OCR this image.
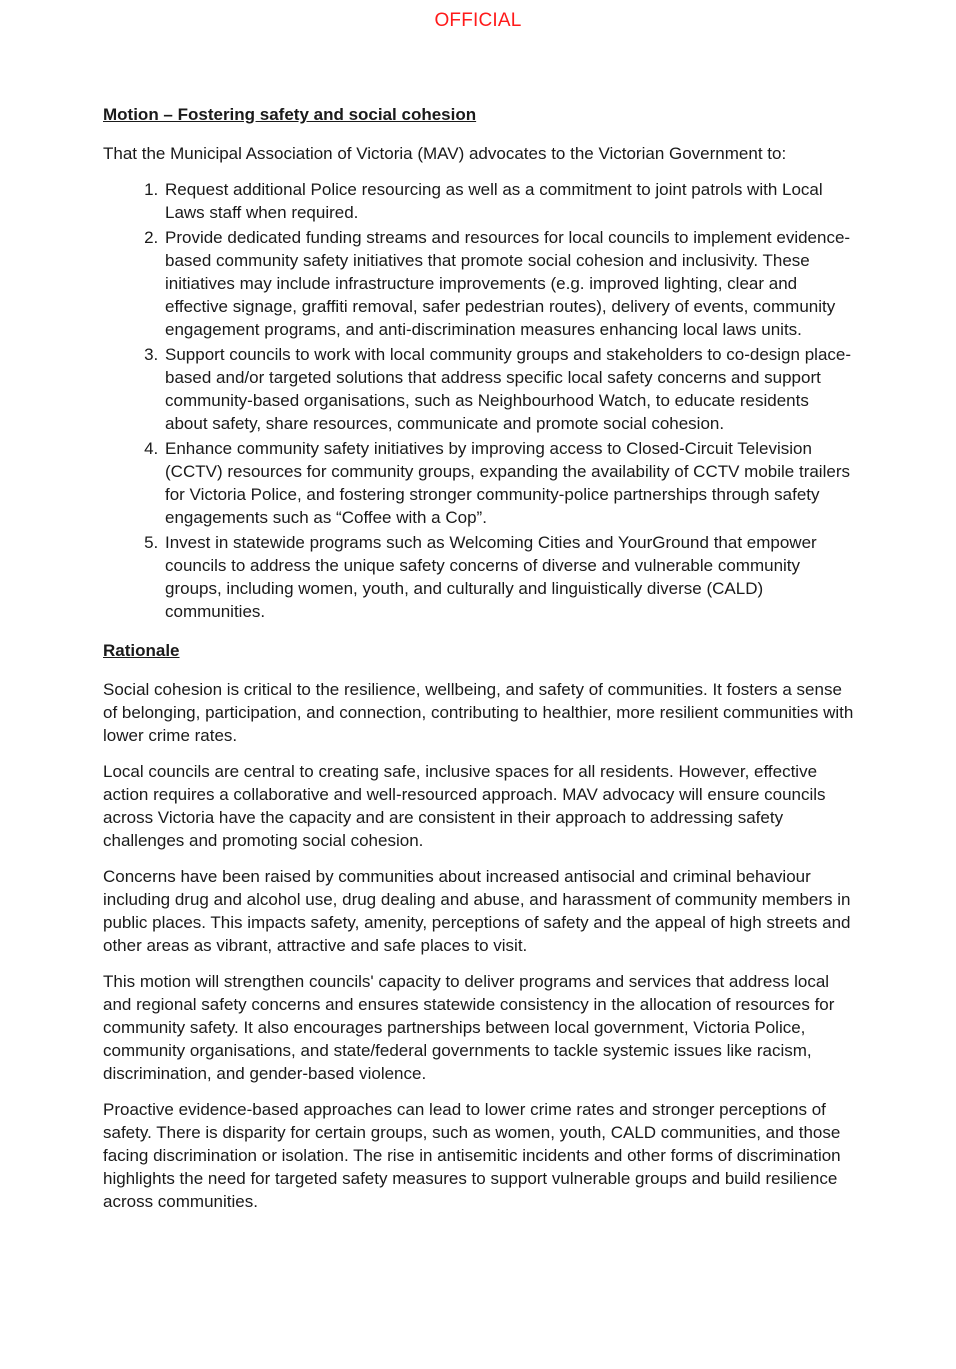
OFFICIAL
Motion – Fostering safety and social cohesion

That the Municipal Association of Victoria (MAV) advocates to the Victorian Government to:

1. Request additional Police resourcing as well as a commitment to joint patrols with Local Laws staff when required.
2. Provide dedicated funding streams and resources for local councils to implement evidence-based community safety initiatives that promote social cohesion and inclusivity. These initiatives may include infrastructure improvements (e.g. improved lighting, clear and effective signage, graffiti removal, safer pedestrian routes), delivery of events, community engagement programs, and anti-discrimination measures enhancing local laws units.
3. Support councils to work with local community groups and stakeholders to co-design place-based and/or targeted solutions that address specific local safety concerns and support community-based organisations, such as Neighbourhood Watch, to educate residents about safety, share resources, communicate and promote social cohesion.
4. Enhance community safety initiatives by improving access to Closed-Circuit Television (CCTV) resources for community groups, expanding the availability of CCTV mobile trailers for Victoria Police, and fostering stronger community-police partnerships through safety engagements such as “Coffee with a Cop”.
5. Invest in statewide programs such as Welcoming Cities and YourGround that empower councils to address the unique safety concerns of diverse and vulnerable community groups, including women, youth, and culturally and linguistically diverse (CALD) communities.
Rationale

Social cohesion is critical to the resilience, wellbeing, and safety of communities. It fosters a sense of belonging, participation, and connection, contributing to healthier, more resilient communities with lower crime rates.

Local councils are central to creating safe, inclusive spaces for all residents. However, effective action requires a collaborative and well-resourced approach. MAV advocacy will ensure councils across Victoria have the capacity and are consistent in their approach to addressing safety challenges and promoting social cohesion.

Concerns have been raised by communities about increased antisocial and criminal behaviour including drug and alcohol use, drug dealing and abuse, and harassment of community members in public places. This impacts safety, amenity, perceptions of safety and the appeal of high streets and other areas as vibrant, attractive and safe places to visit.

This motion will strengthen councils' capacity to deliver programs and services that address local and regional safety concerns and ensures statewide consistency in the allocation of resources for community safety. It also encourages partnerships between local government, Victoria Police, community organisations, and state/federal governments to tackle systemic issues like racism, discrimination, and gender-based violence.

Proactive evidence-based approaches can lead to lower crime rates and stronger perceptions of safety. There is disparity for certain groups, such as women, youth, CALD communities, and those facing discrimination or isolation. The rise in antisemitic incidents and other forms of discrimination highlights the need for targeted safety measures to support vulnerable groups and build resilience across communities.
